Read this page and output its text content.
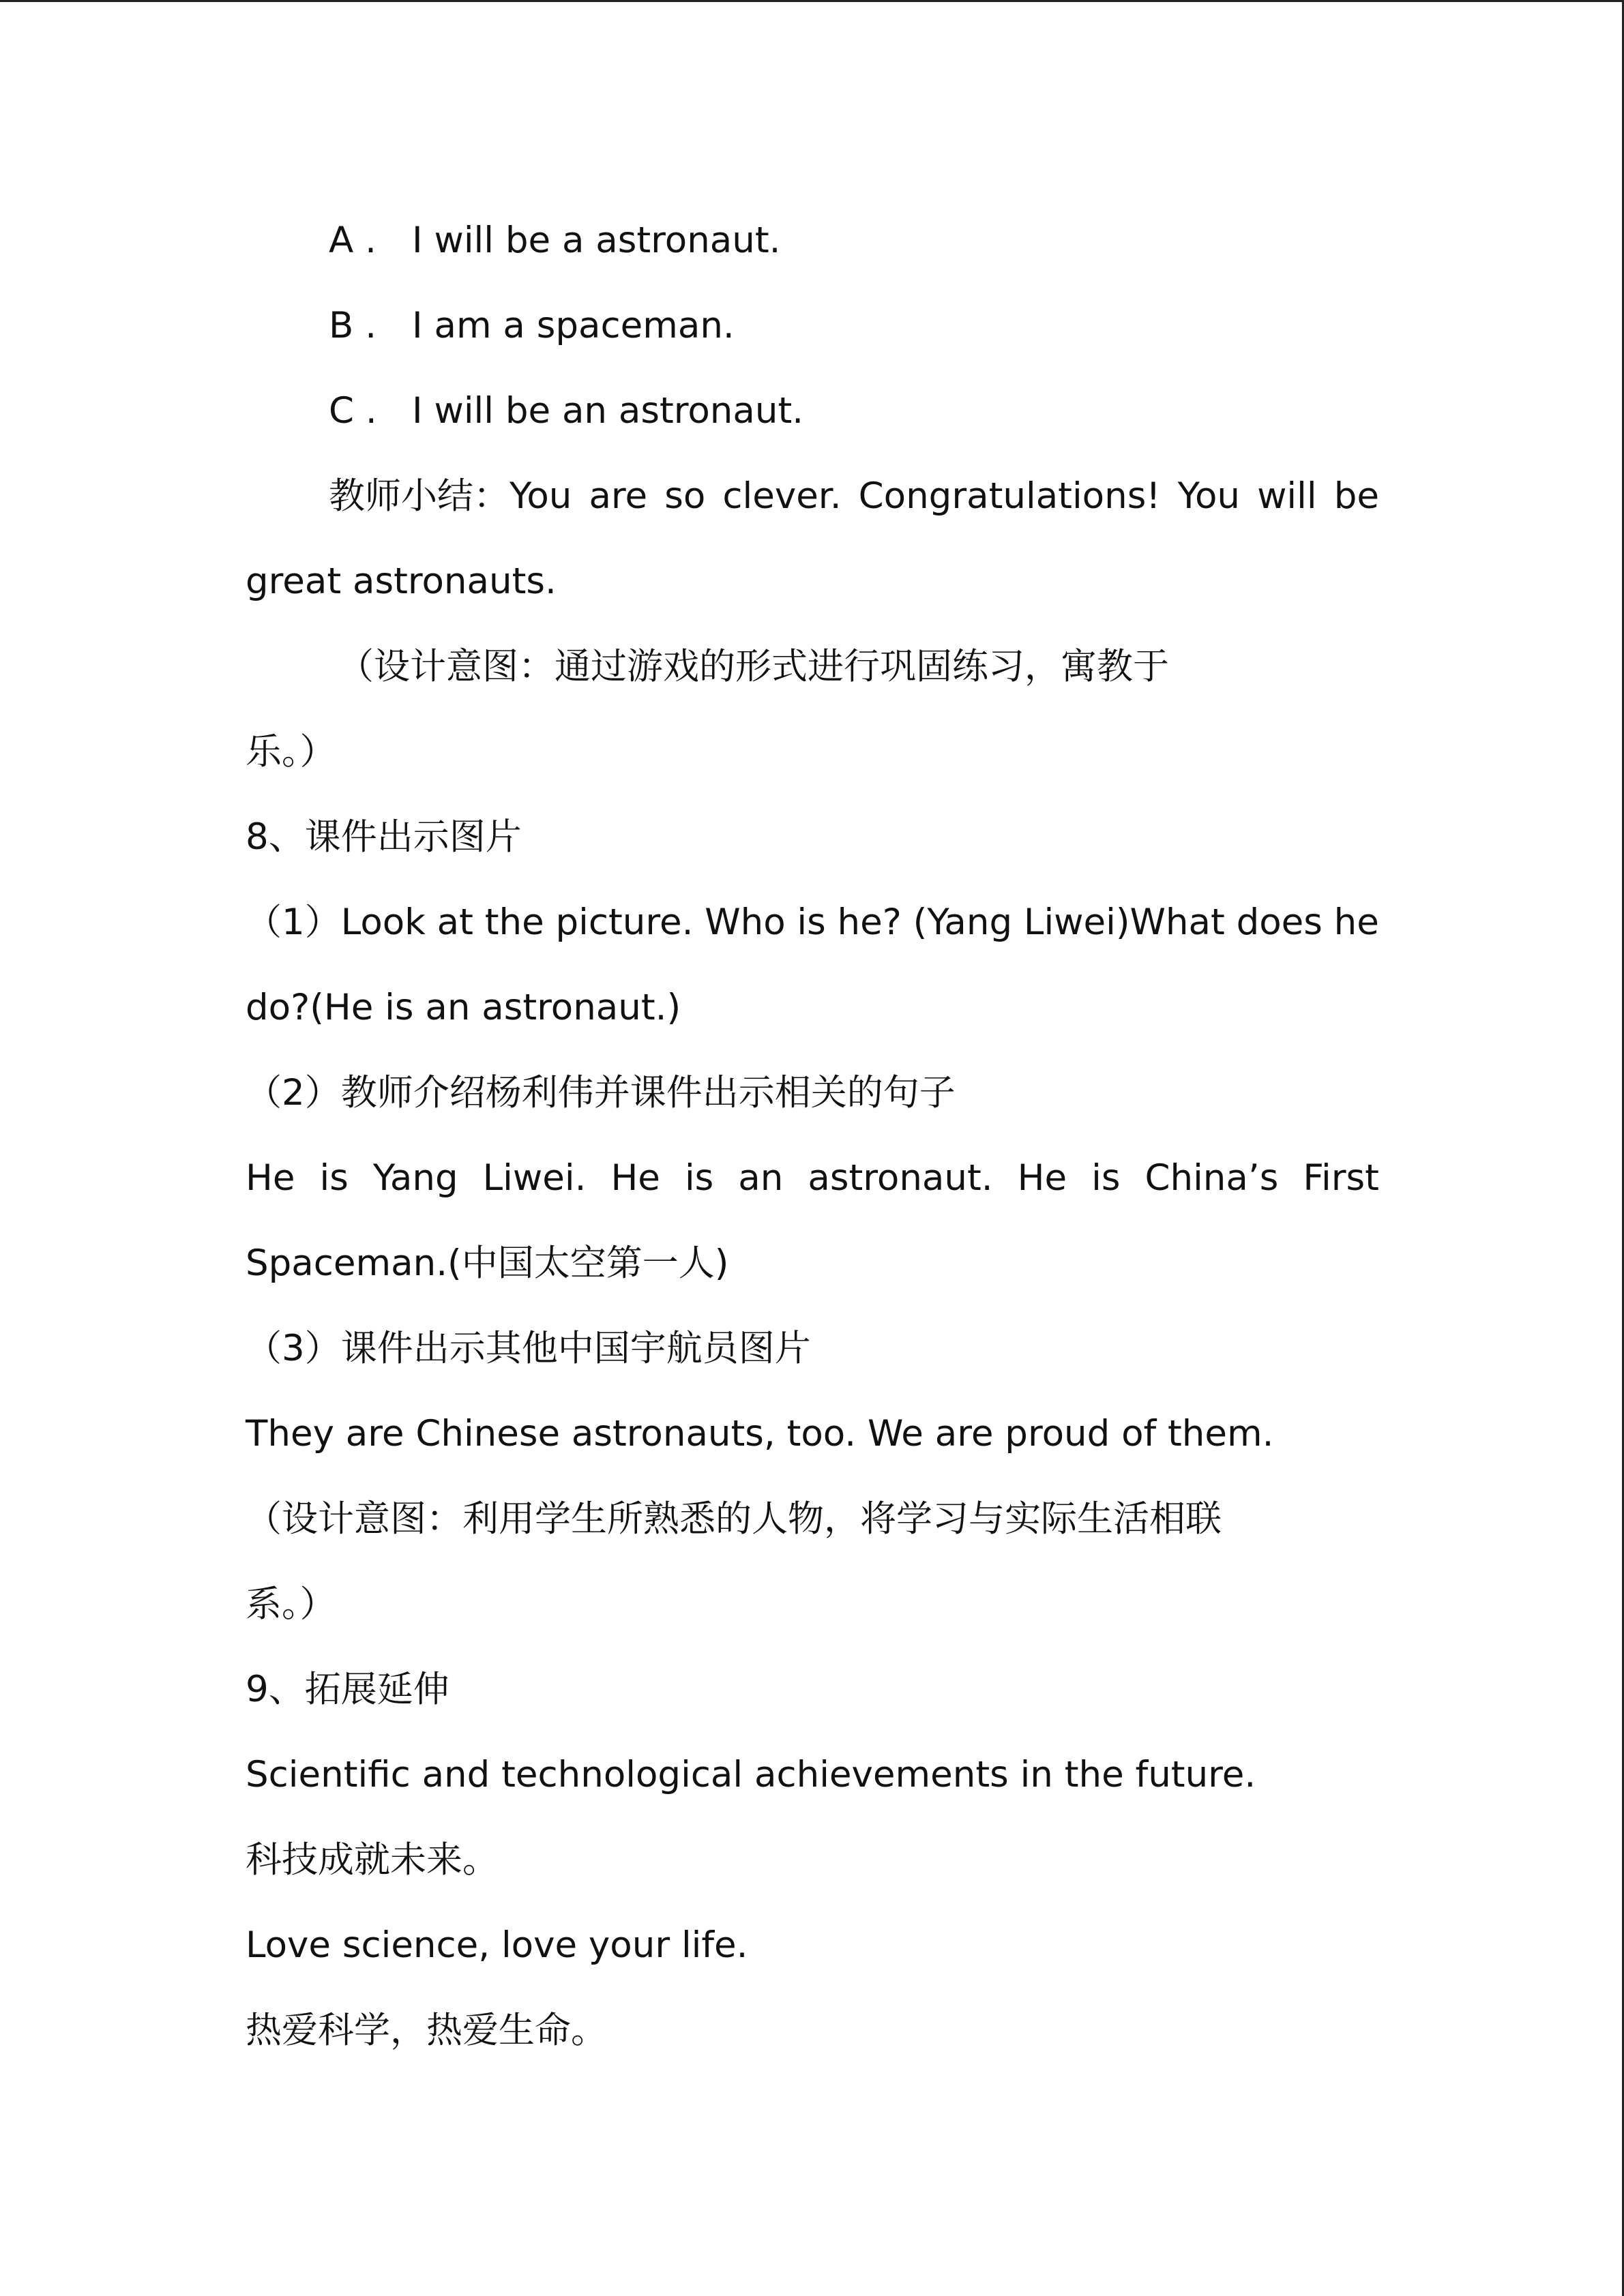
A . I will be a astronaut.
B . I am a spaceman.
C . I will be an astronaut.
教师小结：You are so clever. Congratulations! You will be
great astronauts.
（设计意图：通过游戏的形式进行巩固练习，寓教于
乐。）
8、课件出示图片
（1）Look at the picture. Who is he? (Yang Liwei)What does he
do?(He is an astronaut.)
（2）教师介绍杨利伟并课件出示相关的句子
He is Yang Liwei. He is an astronaut. He is China’s First
Spaceman.(中国太空第一人)
（3）课件出示其他中国宇航员图片
They are Chinese astronauts, too. We are proud of them.
（设计意图：利用学生所熟悉的人物，将学习与实际生活相联
系。）
9、拓展延伸
Scientific and technological achievements in the future.
科技成就未来。
Love science, love your life.
热爱科学，热爱生命。
